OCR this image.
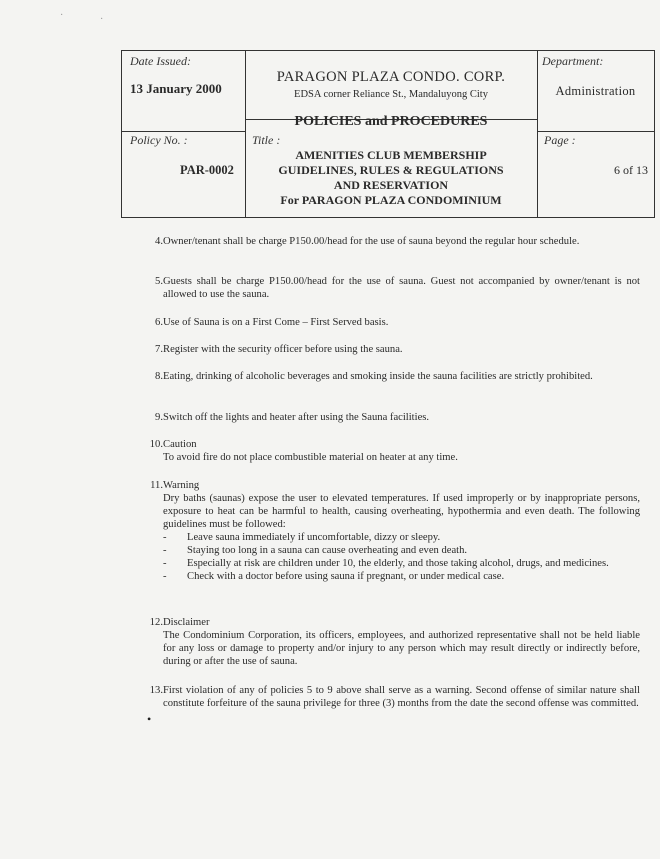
Date Issued:
13 January 2000
PARAGON PLAZA CONDO. CORP.
EDSA corner Reliance St., Mandaluyong City
POLICIES and PROCEDURES
Department:
Administration
Policy No. :
PAR-0002
Title :
AMENITIES CLUB MEMBERSHIP
GUIDELINES, RULES & REGULATIONS
AND RESERVATION
For PARAGON PLAZA CONDOMINIUM
Page :
6 of 13
4. Owner/tenant shall be charge P150.00/head for the use of sauna beyond the regular hour schedule.
5. Guests shall be charge P150.00/head for the use of sauna. Guest not accompanied by owner/tenant is not allowed to use the sauna.
6. Use of Sauna is on a First Come – First Served basis.
7. Register with the security officer before using the sauna.
8. Eating, drinking of alcoholic beverages and smoking inside the sauna facilities are strictly prohibited.
9. Switch off the lights and heater after using the Sauna facilities.
10. Caution
To avoid fire do not place combustible material on heater at any time.
11. Warning
Dry baths (saunas) expose the user to elevated temperatures. If used improperly or by inappropriate persons, exposure to heat can be harmful to health, causing overheating, hypothermia and even death. The following guidelines must be followed:
- Leave sauna immediately if uncomfortable, dizzy or sleepy.
- Staying too long in a sauna can cause overheating and even death.
- Especially at risk are children under 10, the elderly, and those taking alcohol, drugs, and medicines.
- Check with a doctor before using sauna if pregnant, or under medical case.
12. Disclaimer
The Condominium Corporation, its officers, employees, and authorized representative shall not be held liable for any loss or damage to property and/or injury to any person which may result directly or indirectly before, during or after the use of sauna.
13. First violation of any of policies 5 to 9 above shall serve as a warning. Second offense of similar nature shall constitute forfeiture of the sauna privilege for three (3) months from the date the second offense was committed.
·	·
•
